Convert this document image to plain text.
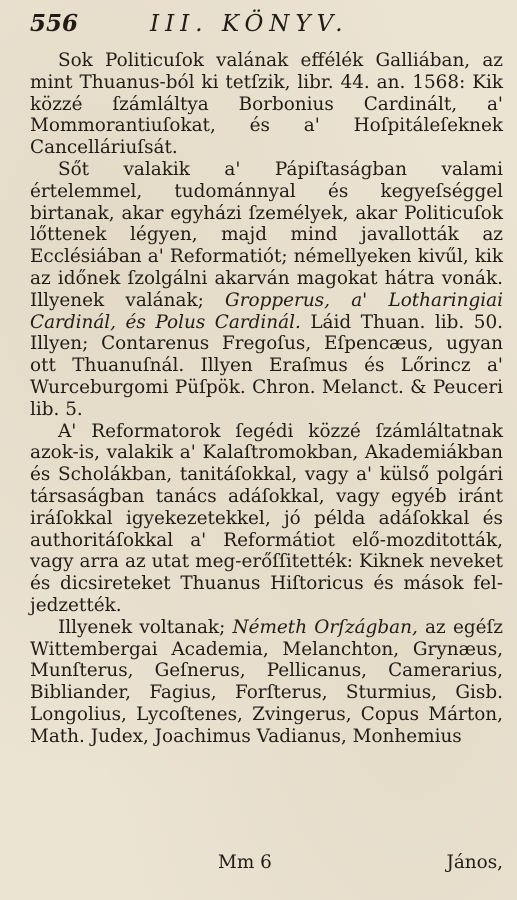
556	III. KÖNYV.

Sok Politicuſok valának effélék Galliában, az mint Thuanus-ból ki tetſzik, libr. 44. an. 1568: Kik közzé ſzámláltya Borbonius Cardinált, a' Mommorantiuſokat, és a' Hoſpitáleſeknek Cancelláriuſsát.

Sőt valakik a' Pápiſtaságban valami értelemmel, tudománnyal és kegyeſséggel birtanak, akar egyházi ſzemélyek, akar Politicuſok lőttenek légyen, majd mind javallották az Ecclésiában a' Reformatiót; némellyeken kivűl, kik az időnek ſzolgálni akarván magokat hátra vonák. Illyenek valának; Gropperus, a' Lotharingiai Cardinál, és Polus Cardinál. Láid Thuan. lib. 50. Illyen; Contarenus Fregoſus, Eſpencæus, ugyan ott Thuanuſnál. Illyen Eraſmus és Lőrincz a' Wurceburgomi Püſpök. Chron. Melanct. & Peuceri lib. 5.

A' Reformatorok ſegédi közzé ſzámláltatnak azok-is, valakik a' Kalaſtromokban, Akademiákban és Scholákban, tanitáſokkal, vagy a' külső polgári társaságban tanács adáſokkal, vagy egyéb iránt iráſokkal igyekezetekkel, jó példa adáſokkal és authoritáſokkal a' Reformátiot elő-mozditották, vagy arra az utat meg-erőſſitették: Kiknek neveket és dicsireteket Thuanus Hiſtoricus és mások fel-jedzették.

Illyenek voltanak; Németh Orſzágban, az egéſz Wittembergai Academia, Melanchton, Grynæus, Munſterus, Geſnerus, Pellicanus, Camerarius, Bibliander, Fagius, Forſterus, Sturmius, Gisb. Longolius, Lycoſtenes, Zvingerus, Copus Márton, Math. Judex, Joachimus Vadianus, Monhemius

Mm 6	János,
